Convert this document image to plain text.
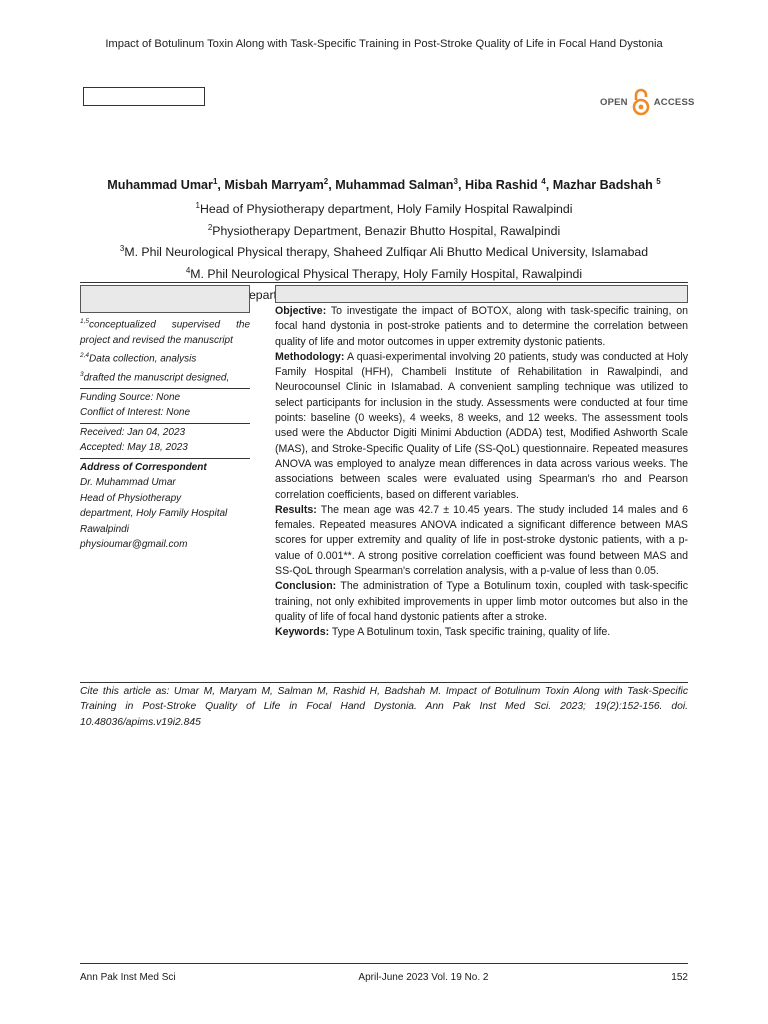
Impact of Botulinum Toxin Along with Task-Specific Training in Post-Stroke Quality of Life in Focal Hand Dystonia
OPEN	ACCESS
Muhammad Umar$^1$, Misbah Marryam$^2$, Muhammad Salman$^3$, Hiba Rashid $^4$, Mazhar Badshah $^5$
$^1$Head of Physiotherapy department, Holy Family Hospital Rawalpindi
$^2$Physiotherapy Department, Benazir Bhutto Hospital, Rawalpindi
$^3$M. Phil Neurological Physical therapy, Shaheed Zulfiqar Ali Bhutto Medical University, Islamabad
$^4$M. Phil Neurological Physical Therapy, Holy Family Hospital, Rawalpindi
Department
$^{1,5}$conceptualized supervised the
project and revised the manuscript
$^{2,4}$Data collection, analysis
$^3$drafted the manuscript designed,
Funding Source: None
Conflict of Interest: None
Received: Jan 04, 2023
Accepted: May 18, 2023
Address of Correspondent
Dr. Muhammad Umar
Head of Physiotherapy
department, Holy Family Hospital
Rawalpindi
physioumar@gmail.com
Objective: To investigate the impact of BOTOX, along with task-specific training, on focal hand dystonia in post-stroke patients and to determine the correlation between quality of life and motor outcomes in upper extremity dystonic patients.
Methodology: A quasi-experimental involving 20 patients, study was conducted at Holy Family Hospital (HFH), Chambeli Institute of Rehabilitation in Rawalpindi, and Neurocounsel Clinic in Islamabad. A convenient sampling technique was utilized to select participants for inclusion in the study. Assessments were conducted at four time points: baseline (0 weeks), 4 weeks, 8 weeks, and 12 weeks. The assessment tools used were the Abductor Digiti Minimi Abduction (ADDA) test, Modified Ashworth Scale (MAS), and Stroke-Specific Quality of Life (SS-QoL) questionnaire. Repeated measures ANOVA was employed to analyze mean differences in data across various weeks. The associations between scales were evaluated using Spearman's rho and Pearson correlation coefficients, based on different variables.
Results: The mean age was 42.7 ± 10.45 years. The study included 14 males and 6 females. Repeated measures ANOVA indicated a significant difference between MAS scores for upper extremity and quality of life in post-stroke dystonic patients, with a p-value of 0.001**. A strong positive correlation coefficient was found between MAS and SS-QoL through Spearman's correlation analysis, with a p-value of less than 0.05.
Conclusion: The administration of Type a Botulinum toxin, coupled with task-specific training, not only exhibited improvements in upper limb motor outcomes but also in the quality of life of focal hand dystonic patients after a stroke.
Keywords: Type A Botulinum toxin, Task specific training, quality of life.
Cite this article as: Umar M, Maryam M, Salman M, Rashid H, Badshah M. Impact of Botulinum Toxin Along with Task-Specific Training in Post-Stroke Quality of Life in Focal Hand Dystonia. Ann Pak Inst Med Sci. 2023; 19(2):152-156. doi. 10.48036/apims.v19i2.845
Ann Pak Inst Med Sci	April-June 2023 Vol. 19 No. 2	152
